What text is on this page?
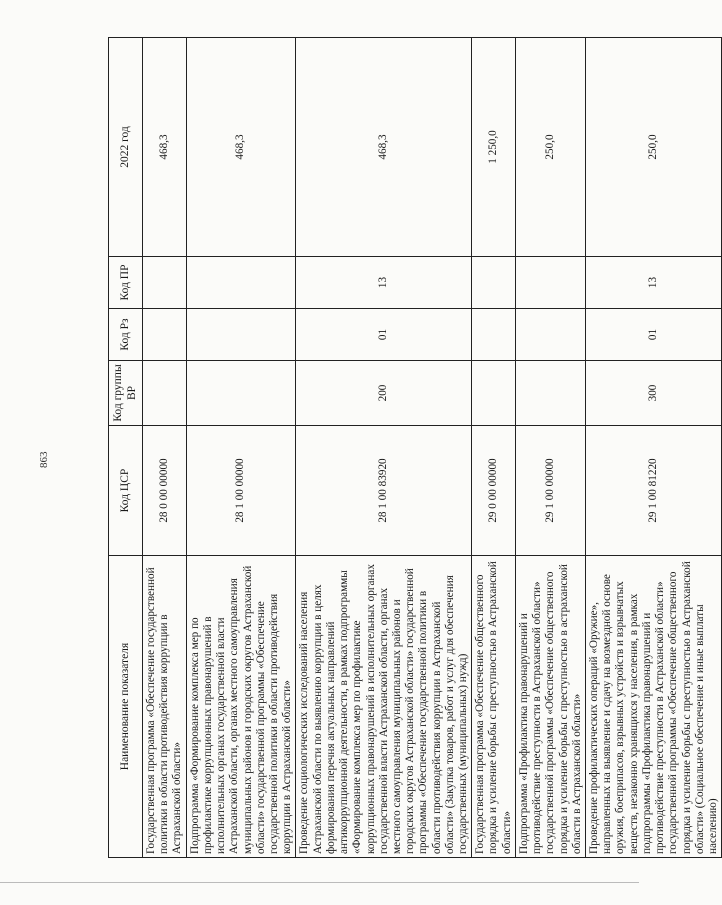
863
Наименование показателя	Код ЦСР	Код группы ВР	Код Рз	Код ПР	2022 год
Государственная программа «Обеспечение государственной политики в области противодействия коррупции в Астраханской области»	28 0 00 00000				468,3
Подпрограмма «Формирование комплекса мер по профилактике коррупционных правонарушений в исполнительных органах государственной власти Астраханской области, органах местного самоуправления муниципальных районов и городских округов Астраханской области» государственной программы «Обеспечение государственной политики в области противодействия коррупции в Астраханской области»	28 1 00 00000				468,3
Проведение социологических исследований населения Астраханской области по выявлению коррупции в целях формирования перечня актуальных направлений антикоррупционной деятельности, в рамках подпрограммы «Формирование комплекса мер по профилактике коррупционных правонарушений в исполнительных органах государственной власти Астраханской области, органах местного самоуправления муниципальных районов и городских округов Астраханской области» государственной программы «Обеспечение государственной политики в области противодействия коррупции в Астраханской области» (Закупка товаров, работ и услуг для обеспечения государственных (муниципальных) нужд)	28 1 00 83920	200	01	13	468,3
Государственная программа «Обеспечение общественного порядка и усиление борьбы с преступностью в Астраханской области»	29 0 00 00000				1 250,0
Подпрограмма «Профилактика правонарушений и противодействие преступности в Астраханской области» государственной программы «Обеспечение общественного порядка и усиление борьбы с преступностью в астраханской области в Астраханской области»	29 1 00 00000				250,0
Проведение профилактических операций «Оружие», направленных на выявление и сдачу на возмездной основе оружия, боеприпасов, взрывных устройств и взрывчатых веществ, незаконно хранящихся у населения, в рамках подпрограммы «Профилактика правонарушений и противодействие преступности в Астраханской области» государственной программы «Обеспечение общественного порядка и усиление борьбы с преступностью в Астраханской области» (Социальное обеспечение и иные выплаты населению)	29 1 00 81220	300	01	13	250,0
